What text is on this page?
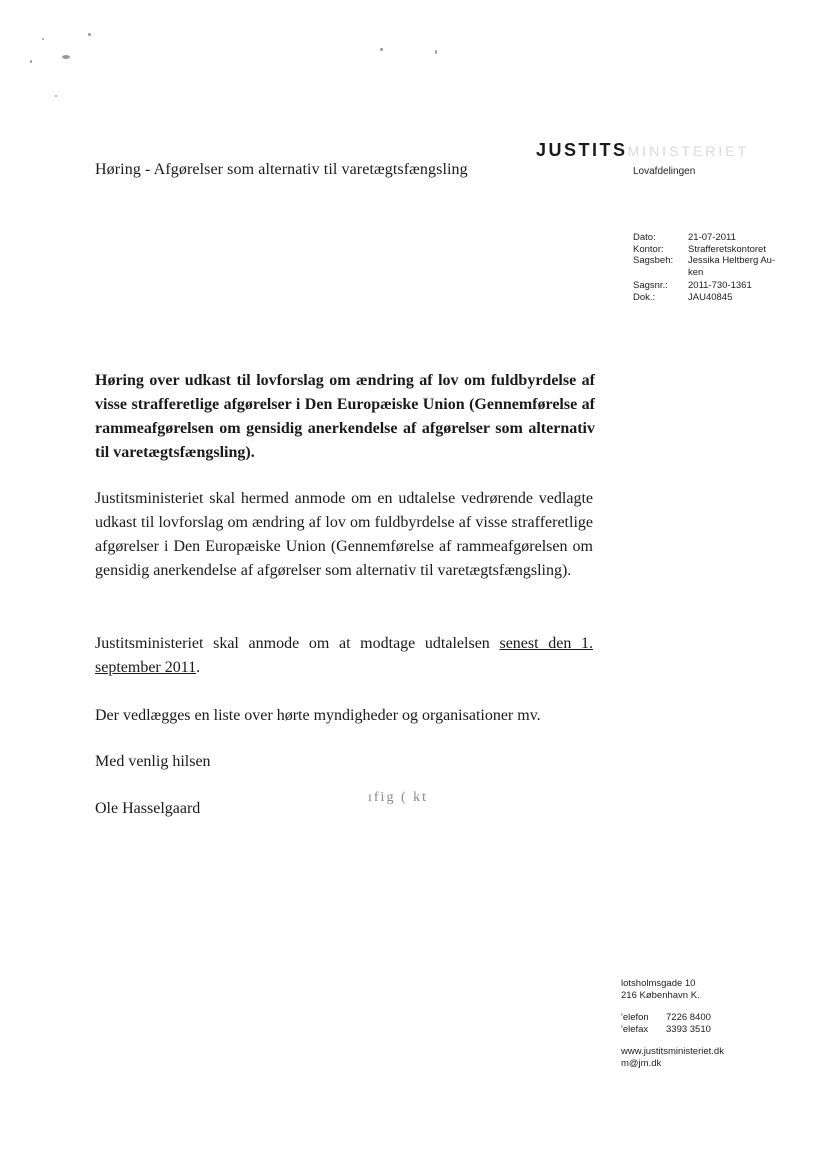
Høring - Afgørelser som alternativ til varetægtsfængsling
JUSTITSMINISTERIET
Lovafdelingen
Dato:	21-07-2011
Kontor:	Strafferetskontoret
Sagsbeh:	Jessika Heltberg Au-
ken
Sagsnr.:	2011-730-1361
Dok.:	JAU40845
Høring over udkast til lovforslag om ændring af lov om fuldbyrdelse af visse strafferetlige afgørelser i Den Europæiske Union (Gennemførelse af rammeafgørelsen om gensidig anerkendelse af afgørelser som alternativ til varetægtsfængsling).
Justitsministeriet skal hermed anmode om en udtalelse vedrørende vedlagte udkast til lovforslag om ændring af lov om fuldbyrdelse af visse strafferetlige afgørelser i Den Europæiske Union (Gennemførelse af rammeafgørelsen om gensidig anerkendelse af afgørelser som alternativ til varetægtsfængsling).
Justitsministeriet skal anmode om at modtage udtalelsen senest den 1. september 2011.
Der vedlægges en liste over hørte myndigheder og organisationer mv.
Med venlig hilsen
Ole Hasselgaard
ıfig ( kt
lotsholmsgade 10
216 København K.
'elefon	7226 8400
'elefax	3393 3510
www.justitsministeriet.dk
m@jm.dk
